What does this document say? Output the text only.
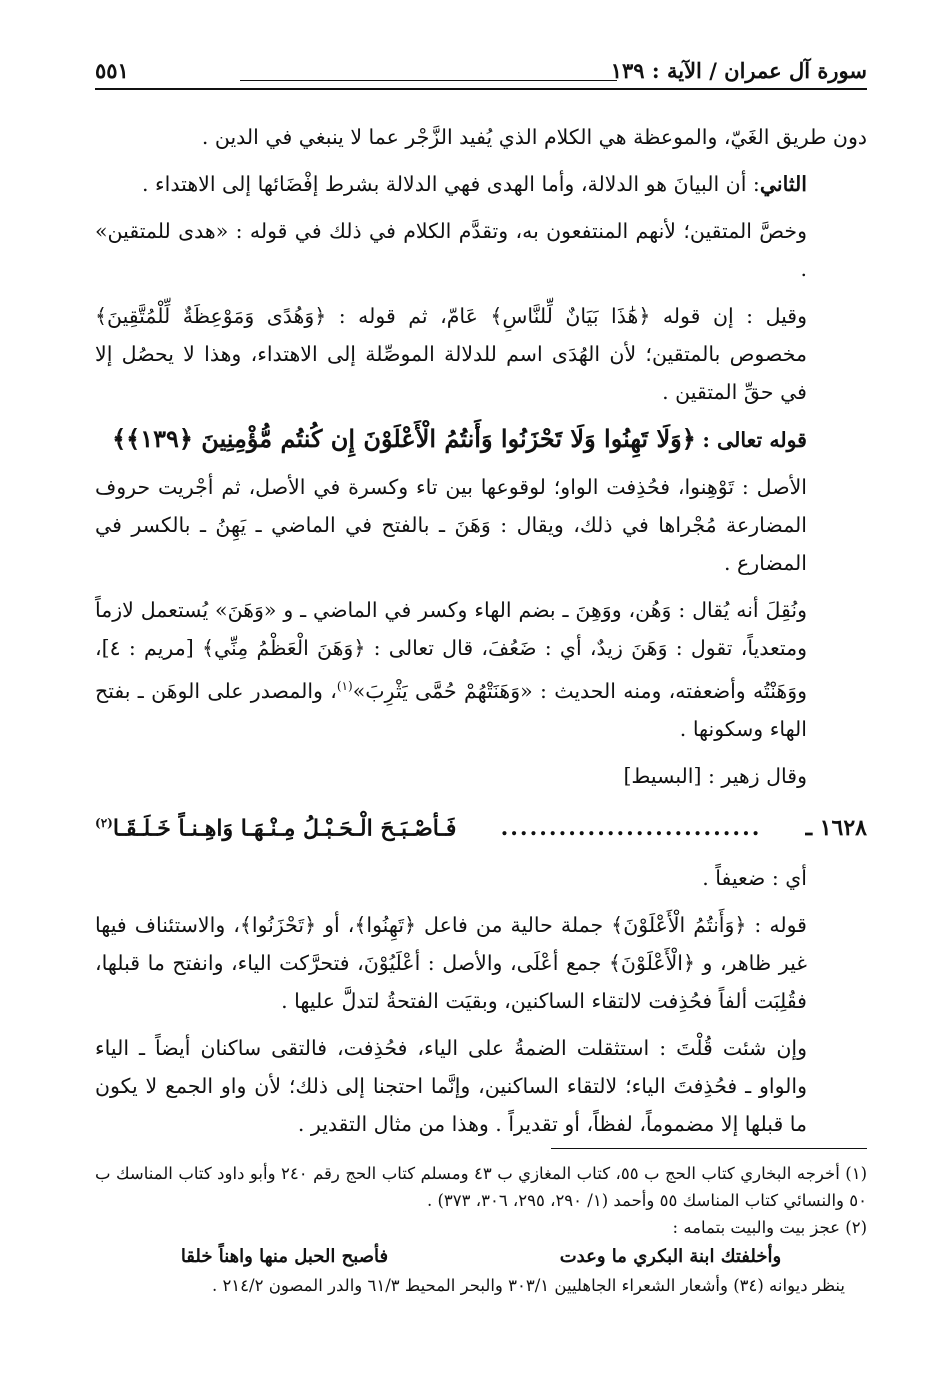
سورة آل عمران / الآية : ١٣٩
٥٥١

دون طريق الغَيّ، والموعظة هي الكلام الذي يُفيد الزَّجْر عما لا ينبغي في الدين .

الثاني: أن البيانَ هو الدلالة، وأما الهدى فهي الدلالة بشرط إفْضَائها إلى الاهتداء .

وخصَّ المتقين؛ لأنهم المنتفعون به، وتقدَّم الكلام في ذلك في قوله : «هدى للمتقين» .

وقيل : إن قوله ﴿هَٰذَا بَيَانٌ لِّلنَّاسِ﴾ عَامّ، ثم قوله : ﴿وَهُدًى وَمَوْعِظَةٌ لِّلْمُتَّقِينَ﴾ مخصوص بالمتقين؛ لأن الهُدَى اسم للدلالة الموصِّلة إلى الاهتداء، وهذا لا يحصُل إلا في حقِّ المتقين .

قوله تعالى : ﴿وَلَا تَهِنُوا وَلَا تَحْزَنُوا وَأَنتُمُ الْأَعْلَوْنَ إِن كُنتُم مُّؤْمِنِينَ ﴿١٣٩﴾﴾

الأصل : تَوْهِنوا، فحُذِفت الواو؛ لوقوعها بين تاء وكسرة في الأصل، ثم أجْريت حروف المضارعة مُجْراها في ذلك، ويقال : وَهَنَ ـ بالفتح في الماضي ـ يَهِنُ ـ بالكسر في المضارع .

ونُقِلَ أنه يُقال : وَهُن، ووَهِنَ ـ بضم الهاء وكسر في الماضي ـ و «وَهَنَ» يُستعمل لازماً ومتعدياً، تقول : وَهَنَ زيدٌ، أي : ضَعُفَ، قال تعالى : ﴿وَهَنَ الْعَظْمُ مِنِّي﴾ [مريم : ٤]، ووَهَنْتُه وأضعفته، ومنه الحديث : «وَهَنَتْهُمْ حُمَّى يَثْرِبَ»$^{(١)}$، والمصدر على الوهَن ـ بفتح الهاء وسكونها .

وقال زهير : [البسيط]

١٦٢٨ ـ
...........................
فَـأصْـبَـحَ الْـحَـبْـلُ مِـنْـهَـا وَاهِـنـاً خَـلَـقَـا$^{(٢)}$

أي : ضعيفاً .

قوله : ﴿وَأَنتُمُ الْأَعْلَوْنَ﴾ جملة حالية من فاعل ﴿تَهِنُوا﴾، أو ﴿تَحْزَنُوا﴾، والاستئناف فيها غير ظاهر، و ﴿الْأَعْلَوْنَ﴾ جمع أعْلَى، والأصل : أعْلَيُوْنَ، فتحرَّكت الياء، وانفتح ما قبلها، فقُلِبَت ألفاً فحُذِفت لالتقاء الساكنين، وبقيَت الفتحةُ لتدلَّ عليها .

وإن شئت قُلْتَ : استثقلت الضمةُ على الياء، فحُذِفت، فالتقى ساكنان أيضاً ـ الياء والواو ـ فحُذِفتَ الياء؛ لالتقاء الساكنين، وإنَّما احتجنا إلى ذلك؛ لأن واو الجمع لا يكون ما قبلها إلا مضموماً، لفظاً، أو تقديراً . وهذا من مثال التقدير .

(١) أخرجه البخاري كتاب الحج ب ٥٥، كتاب المغازي ب ٤٣ ومسلم كتاب الحج رقم ٢٤٠ وأبو داود كتاب المناسك ب ٥٠ والنسائي كتاب المناسك ٥٥ وأحمد (١/ ٢٩٠، ٢٩٥، ٣٠٦، ٣٧٣) .

(٢) عجز بيت والبيت بتمامه :

وأخلفتك ابنة البكري ما وعدت
فأصبح الحبل منها واهناً خلقا

ينظر ديوانه (٣٤) وأشعار الشعراء الجاهليين ٣٠٣/١ والبحر المحيط ٦١/٣ والدر المصون ٢١٤/٢ .
